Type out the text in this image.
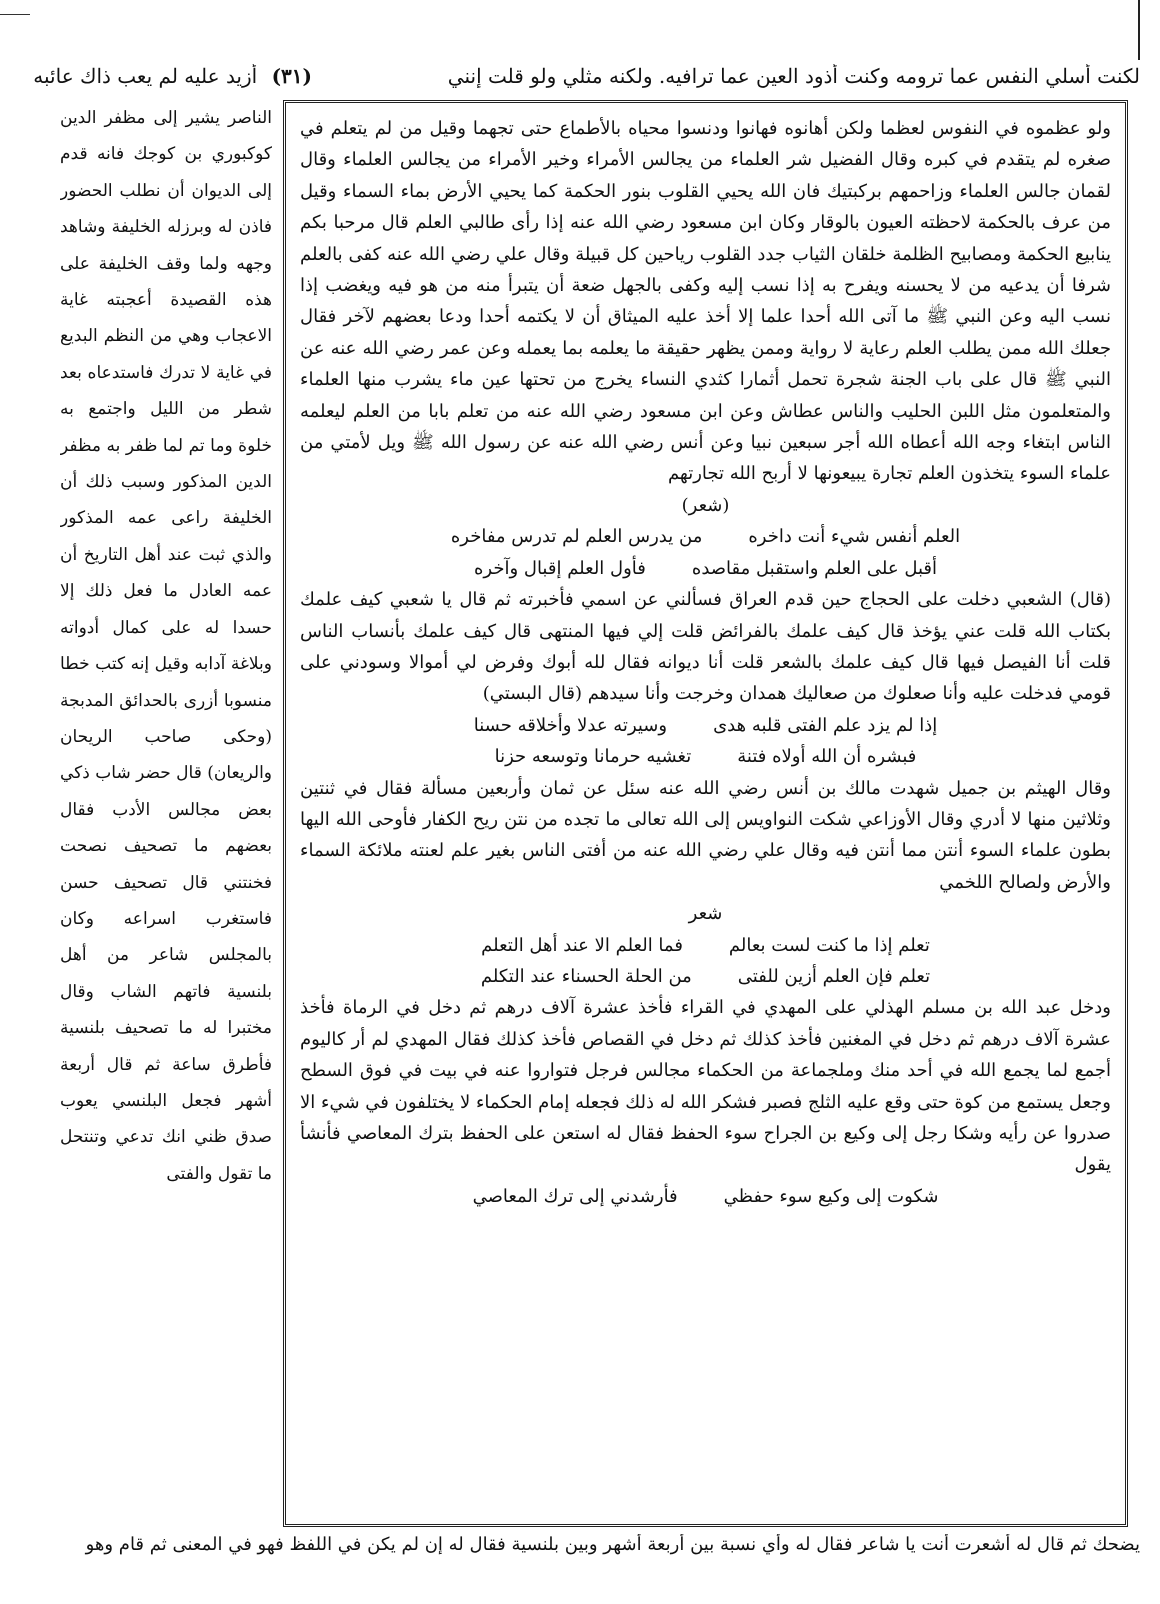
لكنت أسلي النفس عما ترومه وكنت أذود العين عما ترافيه. ولكنه مثلي ولو قلت إنني
(٣١) أزيد عليه لم يعب ذاك عائبه

ولو عظموه في النفوس لعظما ولكن أهانوه فهانوا ودنسوا محياه بالأطماع حتى تجهما وقيل من لم يتعلم في صغره لم يتقدم في كبره وقال الفضيل شر العلماء من يجالس الأمراء وخير الأمراء من يجالس العلماء وقال لقمان جالس العلماء وزاحمهم بركبتيك فان الله يحيي القلوب بنور الحكمة كما يحيي الأرض بماء السماء وقيل من عرف بالحكمة لاحظته العيون بالوقار وكان ابن مسعود رضي الله عنه إذا رأى طالبي العلم قال مرحبا بكم ينابيع الحكمة ومصابيح الظلمة خلقان الثياب جدد القلوب رياحين كل قبيلة وقال علي رضي الله عنه كفى بالعلم شرفا أن يدعيه من لا يحسنه ويفرح به إذا نسب إليه وكفى بالجهل ضعة أن يتبرأ منه من هو فيه ويغضب إذا نسب اليه وعن النبي ﷺ ما آتى الله أحدا علما إلا أخذ عليه الميثاق أن لا يكتمه أحدا ودعا بعضهم لآخر فقال جعلك الله ممن يطلب العلم رعاية لا رواية وممن يظهر حقيقة ما يعلمه بما يعمله وعن عمر رضي الله عنه عن النبي ﷺ قال على باب الجنة شجرة تحمل أثمارا كثدي النساء يخرج من تحتها عين ماء يشرب منها العلماء والمتعلمون مثل اللبن الحليب والناس عطاش وعن ابن مسعود رضي الله عنه من تعلم بابا من العلم ليعلمه الناس ابتغاء وجه الله أعطاه الله أجر سبعين نبيا وعن أنس رضي الله عنه عن رسول الله ﷺ ويل لأمتي من علماء السوء يتخذون العلم تجارة يبيعونها لا أربح الله تجارتهم

(شعر)

العلم أنفس شيء أنت داخره
من يدرس العلم لم تدرس مفاخره
أقبل على العلم واستقبل مقاصده
فأول العلم إقبال وآخره

(قال) الشعبي دخلت على الحجاج حين قدم العراق فسألني عن اسمي فأخبرته ثم قال يا شعبي كيف علمك بكتاب الله قلت عني يؤخذ قال كيف علمك بالفرائض قلت إلي فيها المنتهى قال كيف علمك بأنساب الناس قلت أنا الفيصل فيها قال كيف علمك بالشعر قلت أنا ديوانه فقال لله أبوك وفرض لي أموالا وسودني على قومي فدخلت عليه وأنا صعلوك من صعاليك همدان وخرجت وأنا سيدهم (قال البستي)

إذا لم يزد علم الفتى قلبه هدى
وسيرته عدلا وأخلاقه حسنا
فبشره أن الله أولاه فتنة
تغشيه حرمانا وتوسعه حزنا

وقال الهيثم بن جميل شهدت مالك بن أنس رضي الله عنه سئل عن ثمان وأربعين مسألة فقال في ثنتين وثلاثين منها لا أدري وقال الأوزاعي شكت النواويس إلى الله تعالى ما تجده من نتن ريح الكفار فأوحى الله اليها بطون علماء السوء أنتن مما أنتن فيه وقال علي رضي الله عنه من أفتى الناس بغير علم لعنته ملائكة السماء والأرض ولصالح اللخمي

شعر

تعلم إذا ما كنت لست بعالم
فما العلم الا عند أهل التعلم
تعلم فإن العلم أزين للفتى
من الحلة الحسناء عند التكلم

ودخل عبد الله بن مسلم الهذلي على المهدي في القراء فأخذ عشرة آلاف درهم ثم دخل في الرماة فأخذ عشرة آلاف درهم ثم دخل في المغنين فأخذ كذلك ثم دخل في القصاص فأخذ كذلك فقال المهدي لم أر كاليوم أجمع لما يجمع الله في أحد منك وملجماعة من الحكماء مجالس فرجل فتواروا عنه في بيت في فوق السطح وجعل يستمع من كوة حتى وقع عليه الثلج فصبر فشكر الله له ذلك فجعله إمام الحكماء لا يختلفون في شيء الا صدروا عن رأيه وشكا رجل إلى وكيع بن الجراح سوء الحفظ فقال له استعن على الحفظ بترك المعاصي فأنشأ يقول

شكوت إلى وكيع سوء حفظي
فأرشدني إلى ترك المعاصي

الناصر يشير إلى مظفر الدين كوكبوري بن كوجك فانه قدم إلى الديوان أن نطلب الحضور فاذن له وبرزله الخليفة وشاهد وجهه ولما وقف الخليفة على هذه القصيدة أعجبته غاية الاعجاب وهي من النظم البديع في غاية لا تدرك فاستدعاه بعد شطر من الليل واجتمع به خلوة وما تم لما ظفر به مظفر الدين المذكور وسبب ذلك أن الخليفة راعى عمه المذكور والذي ثبت عند أهل التاريخ أن عمه العادل ما فعل ذلك إلا حسدا له على كمال أدواته وبلاغة آدابه وقيل إنه كتب خطا منسوبا أزرى بالحدائق المدبجة (وحكى صاحب الريحان والريعان) قال حضر شاب ذكي بعض مجالس الأدب فقال بعضهم ما تصحيف نصحت فخنتني قال تصحيف حسن فاستغرب اسراعه وكان بالمجلس شاعر من أهل بلنسية فاتهم الشاب وقال مختبرا له ما تصحيف بلنسية فأطرق ساعة ثم قال أربعة أشهر فجعل البلنسي يعوب صدق ظني انك تدعي وتنتحل ما تقول والفتى

يضحك ثم قال له أشعرت أنت يا شاعر فقال له وأي نسبة بين أربعة أشهر وبين بلنسية فقال له إن لم يكن في اللفظ فهو في المعنى ثم قام وهو
